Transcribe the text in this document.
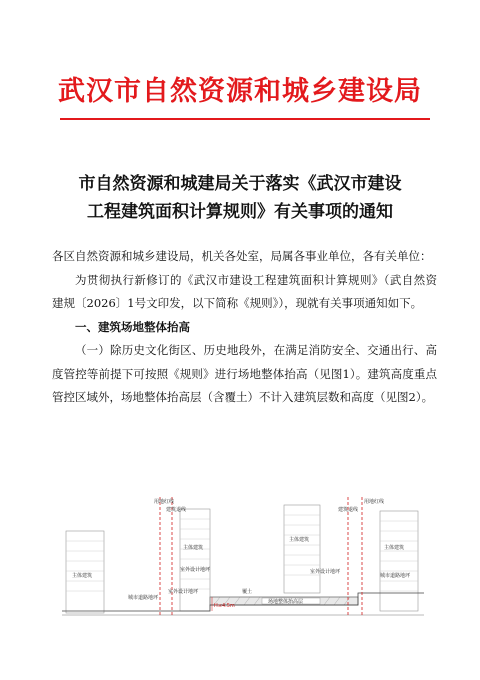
武汉市自然资源和城乡建设局
市自然资源和城建局关于落实《武汉市建设
工程建筑面积计算规则》有关事项的通知

各区自然资源和城乡建设局，机关各处室，局属各事业单位，各有关单位：

为贯彻执行新修订的《武汉市建设工程建筑面积计算规则》（武自然资建规〔2026〕1号文印发，以下简称《规则》），现就有关事项通知如下。

一、建筑场地整体抬高

（一）除历史文化街区、历史地段外，在满足消防安全、交通出行、高度管控等前提下可按照《规则》进行场地整体抬高（见图1）。建筑高度重点管控区域外，场地整体抬高层（含覆土）不计入建筑层数和高度（见图2）。

用地红线
建筑退线
用地红线
建筑退线
主体建筑
主体建筑
主体建筑
主体建筑
城市道路地坪
城市道路地坪
室外设计地坪
室外设计地坪
室外设计地坪
覆土
场地整体抬高层
H≤4.5m
